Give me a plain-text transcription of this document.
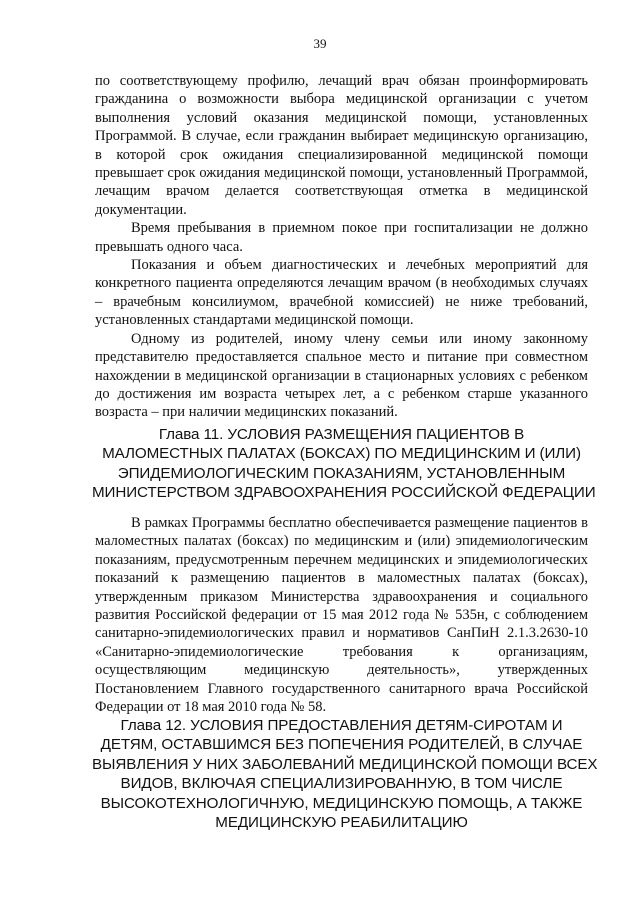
39

по соответствующему профилю, лечащий врач обязан проинформировать гражданина о возможности выбора медицинской организации с учетом выполнения условий оказания медицинской помощи, установленных Программой. В случае, если гражданин выбирает медицинскую организацию, в которой срок ожидания специализированной медицинской помощи превышает срок ожидания медицинской помощи, установленный Программой, лечащим врачом делается соответствующая отметка в медицинской документации.

Время пребывания в приемном покое при госпитализации не должно превышать одного часа.

Показания и объем диагностических и лечебных мероприятий для конкретного пациента определяются лечащим врачом (в необходимых случаях – врачебным консилиумом, врачебной комиссией) не ниже требований, установленных стандартами медицинской помощи.

Одному из родителей, иному члену семьи или иному законному представителю предоставляется спальное место и питание при совместном нахождении в медицинской организации в стационарных условиях с ребенком до достижения им возраста четырех лет, а с ребенком старше указанного возраста – при наличии медицинских показаний.

Глава 11. УСЛОВИЯ РАЗМЕЩЕНИЯ ПАЦИЕНТОВ В
МАЛОМЕСТНЫХ ПАЛАТАХ (БОКСАХ) ПО МЕДИЦИНСКИМ И (ИЛИ)
ЭПИДЕМИОЛОГИЧЕСКИМ ПОКАЗАНИЯМ, УСТАНОВЛЕННЫМ
МИНИСТЕРСТВОМ ЗДРАВООХРАНЕНИЯ РОССИЙСКОЙ ФЕДЕРАЦИИ

В рамках Программы бесплатно обеспечивается размещение пациентов в маломестных палатах (боксах) по медицинским и (или) эпидемиологическим показаниям, предусмотренным перечнем медицинских и эпидемиологических показаний к размещению пациентов в маломестных палатах (боксах), утвержденным приказом Министерства здравоохранения и социального развития Российской федерации от 15 мая 2012 года № 535н, с соблюдением санитарно-эпидемиологических правил и нормативов СанПиН 2.1.3.2630-10 «Санитарно-эпидемиологические требования к организациям, осуществляющим медицинскую деятельность», утвержденных Постановлением Главного государственного санитарного врача Российской Федерации от 18 мая 2010 года № 58.

Глава 12. УСЛОВИЯ ПРЕДОСТАВЛЕНИЯ ДЕТЯМ-СИРОТАМ И
ДЕТЯМ, ОСТАВШИМСЯ БЕЗ ПОПЕЧЕНИЯ РОДИТЕЛЕЙ, В СЛУЧАЕ
ВЫЯВЛЕНИЯ У НИХ ЗАБОЛЕВАНИЙ МЕДИЦИНСКОЙ ПОМОЩИ ВСЕХ
ВИДОВ, ВКЛЮЧАЯ СПЕЦИАЛИЗИРОВАННУЮ, В ТОМ ЧИСЛЕ
ВЫСОКОТЕХНОЛОГИЧНУЮ, МЕДИЦИНСКУЮ ПОМОЩЬ, А ТАКЖЕ
МЕДИЦИНСКУЮ РЕАБИЛИТАЦИЮ
